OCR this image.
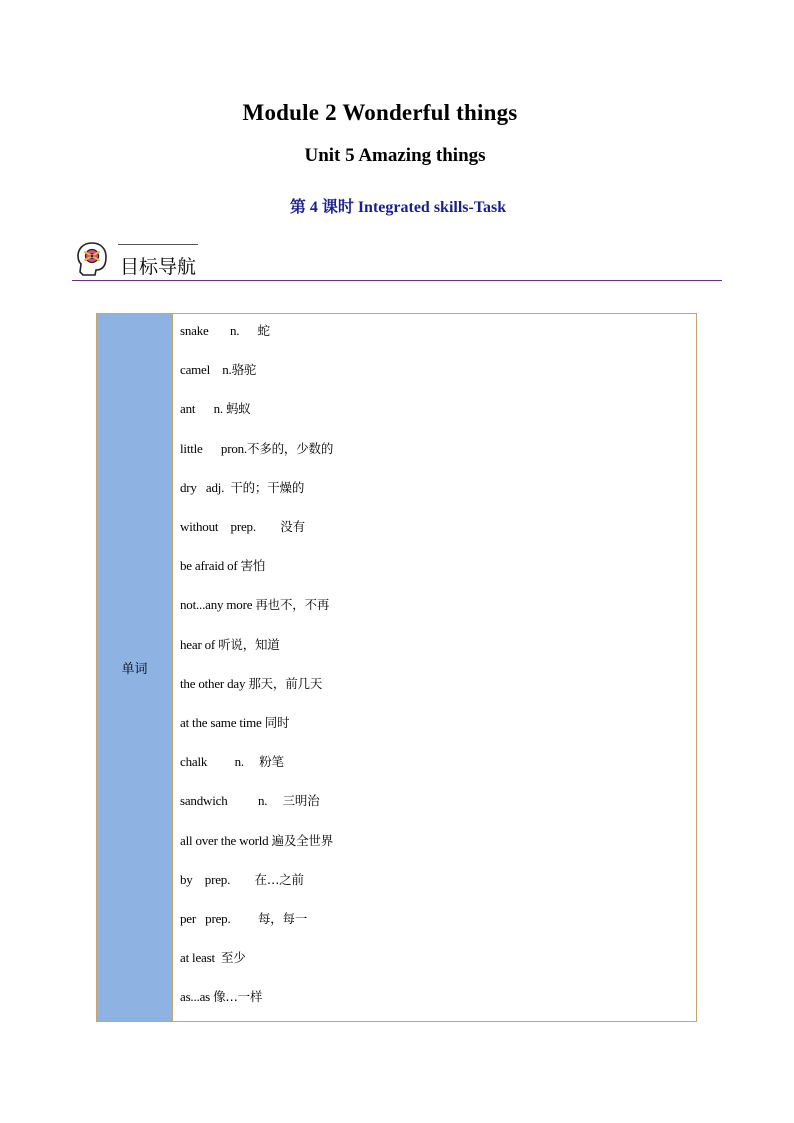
Module 2 Wonderful things
Unit 5 Amazing things
第 4 课时 Integrated skills-Task
目标导航
单词
snake       n.      蛇
camel    n.骆驼
ant      n. 蚂蚁
little      pron.不多的，少数的
dry   adj.  干的；干燥的
without    prep.        没有
be afraid of 害怕
not...any more 再也不，不再
hear of 听说，知道
the other day 那天，前几天
at the same time 同时
chalk         n.     粉笔
sandwich          n.     三明治
all over the world 遍及全世界
by    prep.        在…之前
per   prep.         每，每一
at least  至少
as...as 像…一样
